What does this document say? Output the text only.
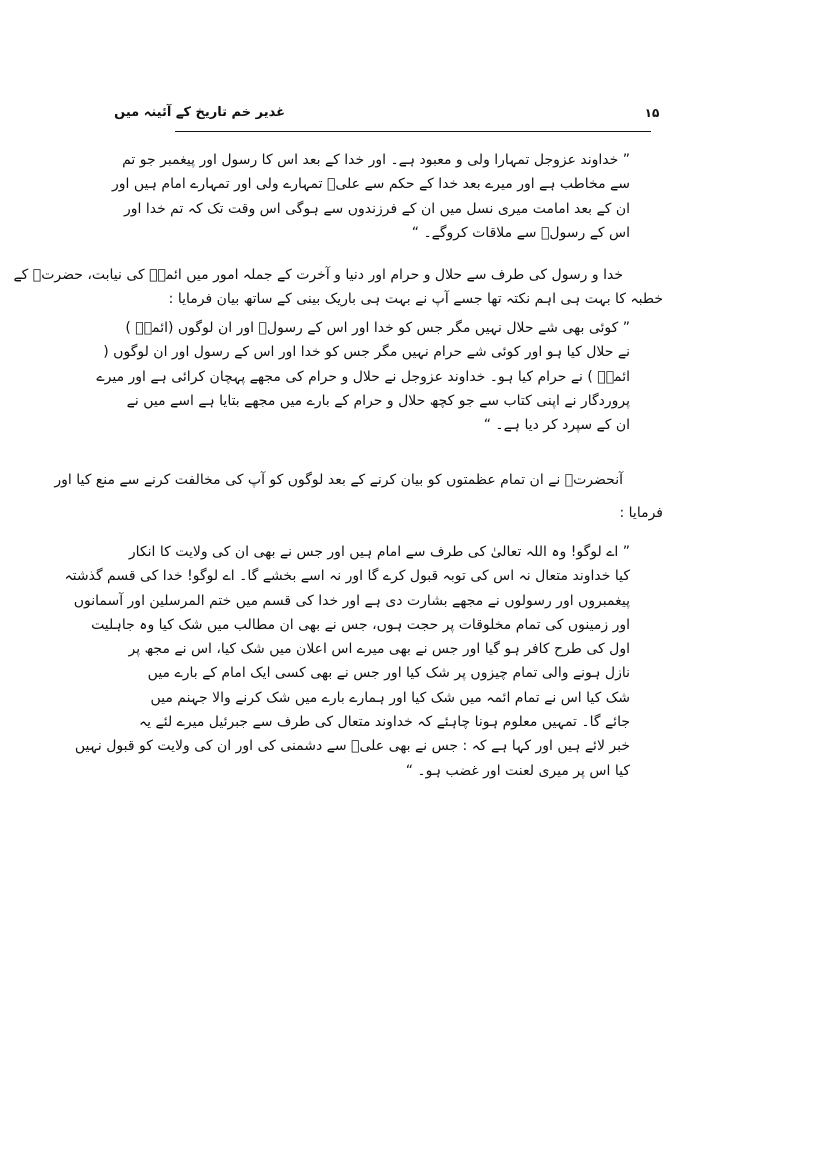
غدیر خم تاریخ کے آئینہ میں	۱۵
” خداوند عزوجل تمہارا ولی و معبود ہے۔ اور خدا کے بعد اس کا رسول اور پیغمبر جو تم
سے مخاطب ہے اور میرے بعد خدا کے حکم سے علیؑ تمہارے ولی اور تمہارے امام ہیں اور
ان کے بعد امامت میری نسل میں ان کے فرزندوں سے ہوگی اس وقت تک کہ تم خدا اور
اس کے رسولؐ سے ملاقات کروگے۔ “
خدا و رسول کی طرف سے حلال و حرام اور دنیا و آخرت کے جملہ امور میں ائمہؑ کی نیابت، حضرتؐ کے
خطبہ کا بہت ہی اہم نکتہ تھا جسے آپ نے بہت ہی باریک بینی کے ساتھ بیان فرمایا :
” کوئی بھی شے حلال نہیں مگر جس کو خدا اور اس کے رسولؐ اور ان لوگوں (ائمہؑ )
نے حلال کیا ہو اور کوئی شے حرام نہیں مگر جس کو خدا اور اس کے رسول اور ان لوگوں (
ائمہؑ ) نے حرام کیا ہو۔ خداوند عزوجل نے حلال و حرام کی مجھے پہچان کرائی ہے اور میرے
پروردگار نے اپنی کتاب سے جو کچھ حلال و حرام کے بارے میں مجھے بتایا ہے اسے میں نے
ان کے سپرد کر دیا ہے۔ “
آنحضرتؐ نے ان تمام عظمتوں کو بیان کرنے کے بعد لوگوں کو آپ کی مخالفت کرنے سے منع کیا اور
فرمایا :
” اے لوگو! وہ اللہ تعالیٰ کی طرف سے امام ہیں اور جس نے بھی ان کی ولایت کا انکار
کیا خداوند متعال نہ اس کی توبہ قبول کرے گا اور نہ اسے بخشے گا۔ اے لوگو! خدا کی قسم گذشتہ
پیغمبروں اور رسولوں نے مجھے بشارت دی ہے اور خدا کی قسم میں ختم المرسلین اور آسمانوں
اور زمینوں کی تمام مخلوقات پر حجت ہوں، جس نے بھی ان مطالب میں شک کیا وہ جاہلیت
اول کی طرح کافر ہو گیا اور جس نے بھی میرے اس اعلان میں شک کیا، اس نے مجھ پر
نازل ہونے والی تمام چیزوں پر شک کیا اور جس نے بھی کسی ایک امام کے بارے میں
شک کیا اس نے تمام ائمہ میں شک کیا اور ہمارے بارے میں شک کرنے والا جہنم میں
جائے گا۔ تمہیں معلوم ہونا چاہئے کہ خداوند متعال کی طرف سے جبرئیل میرے لئے یہ
خبر لائے ہیں اور کہا ہے کہ : جس نے بھی علیؑ سے دشمنی کی اور ان کی ولایت کو قبول نہیں
کیا اس پر میری لعنت اور غضب ہو۔ “
